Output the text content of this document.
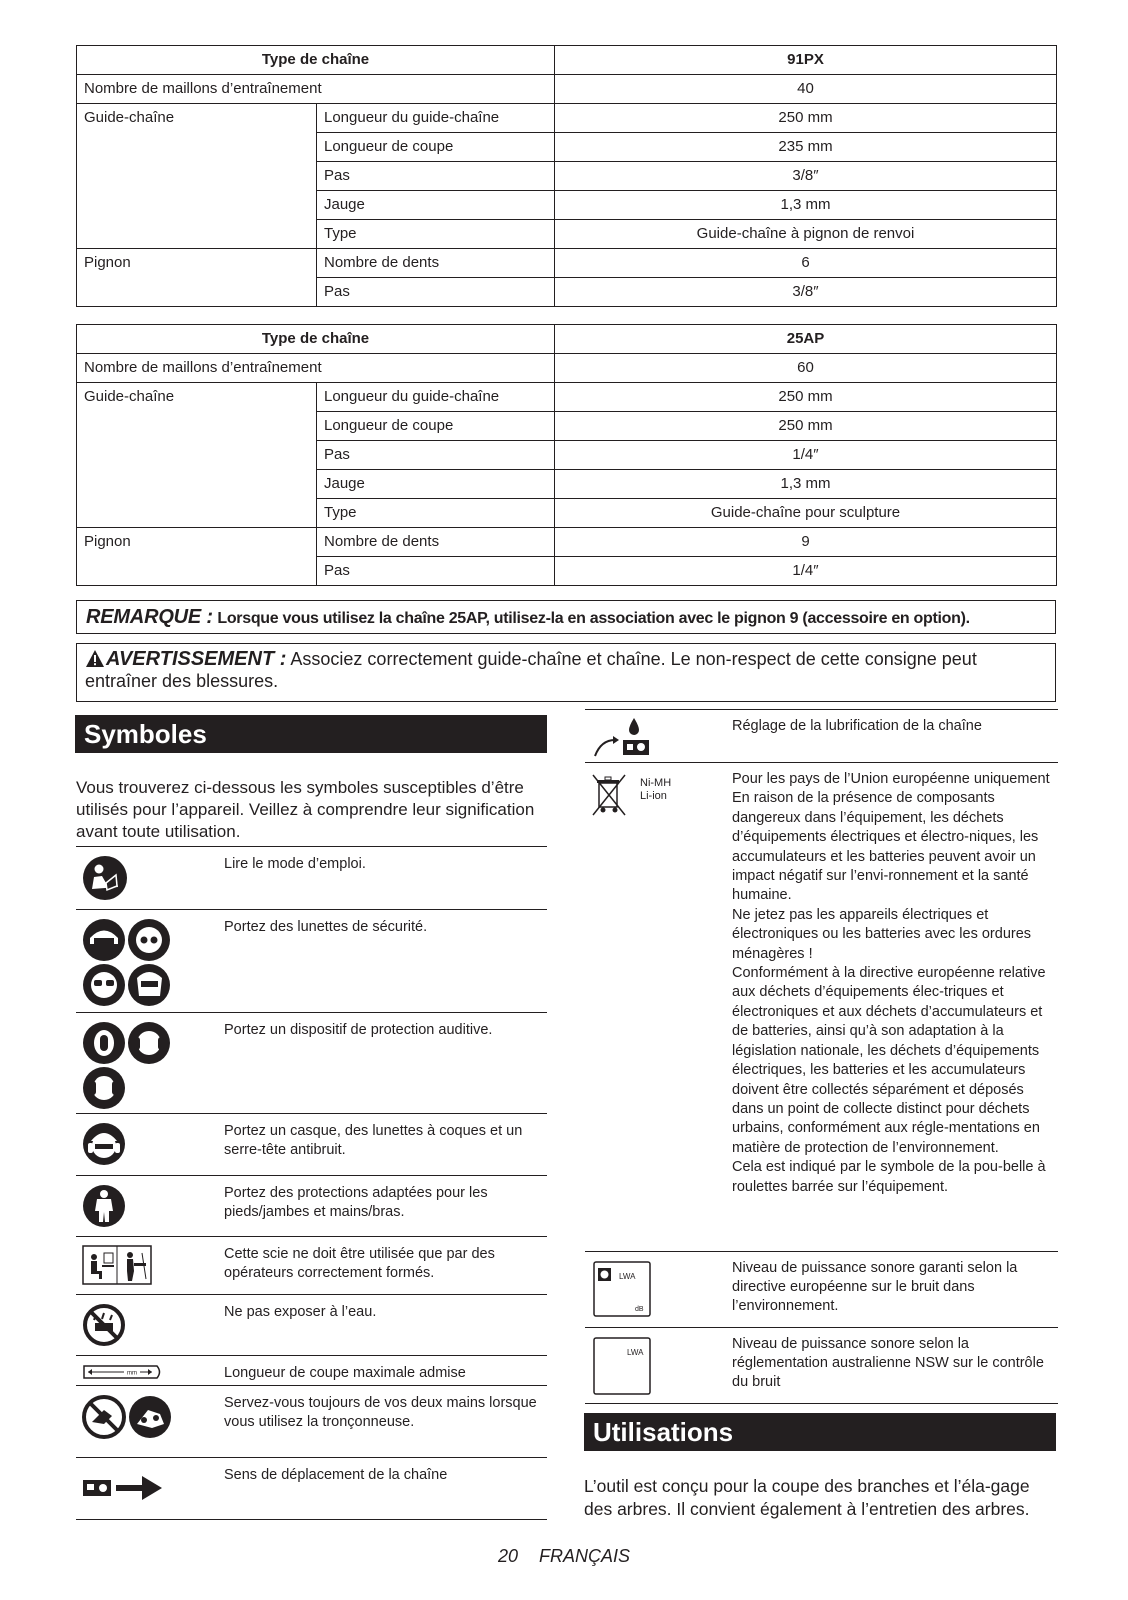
Type de chaîne		91PX
Nombre de maillons d’entraînement		40
Guide-chaîne	Longueur du guide-chaîne	250 mm
	Longueur de coupe	235 mm
	Pas	3/8″
	Jauge	1,3 mm
	Type	Guide-chaîne à pignon de renvoi
Pignon	Nombre de dents	6
	Pas	3/8″
Type de chaîne		25AP
Nombre de maillons d’entraînement		60
Guide-chaîne	Longueur du guide-chaîne	250 mm
	Longueur de coupe	250 mm
	Pas	1/4″
	Jauge	1,3 mm
	Type	Guide-chaîne pour sculpture
Pignon	Nombre de dents	9
	Pas	1/4″
REMARQUE : Lorsque vous utilisez la chaîne 25AP, utilisez-la en association avec le pignon 9 (accessoire en option).
AVERTISSEMENT : Associez correctement guide-chaîne et chaîne. Le non-respect de cette consigne peut entraîner des blessures.
Symboles
Vous trouverez ci-dessous les symboles susceptibles d’être utilisés pour l’appareil. Veillez à comprendre leur signification avant toute utilisation.
Lire le mode d’emploi.
Portez des lunettes de sécurité.
Portez un dispositif de protection auditive.
Portez un casque, des lunettes à coques et un serre-tête antibruit.
Portez des protections adaptées pour les pieds/jambes et mains/bras.
Cette scie ne doit être utilisée que par des opérateurs correctement formés.
Ne pas exposer à l’eau.
mm	Longueur de coupe maximale admise
Servez-vous toujours de vos deux mains lorsque vous utilisez la tronçonneuse.
Sens de déplacement de la chaîne
Réglage de la lubrification de la chaîne
Ni-MH
Li-ion
Pour les pays de l’Union européenne uniquement
En raison de la présence de composants dangereux dans l’équipement, les déchets d’équipements électriques et électro-niques, les accumulateurs et les batteries peuvent avoir un impact négatif sur l’envi-ronnement et la santé humaine.
Ne jetez pas les appareils électriques et électroniques ou les batteries avec les ordures ménagères !
Conformément à la directive européenne relative aux déchets d’équipements élec-triques et électroniques et aux déchets d’accumulateurs et de batteries, ainsi qu’à son adaptation à la législation nationale, les déchets d’équipements électriques, les batteries et les accumulateurs doivent être collectés séparément et déposés dans un point de collecte distinct pour déchets urbains, conformément aux régle-mentations en matière de protection de l’environnement.
Cela est indiqué par le symbole de la pou-belle à roulettes barrée sur l’équipement.
LWA
dB
Niveau de puissance sonore garanti selon la directive européenne sur le bruit dans l’environnement.
LWA
Niveau de puissance sonore selon la réglementation australienne NSW sur le contrôle du bruit
Utilisations
L’outil est conçu pour la coupe des branches et l’éla-gage des arbres. Il convient également à l’entretien des arbres.
20 FRANÇAIS
